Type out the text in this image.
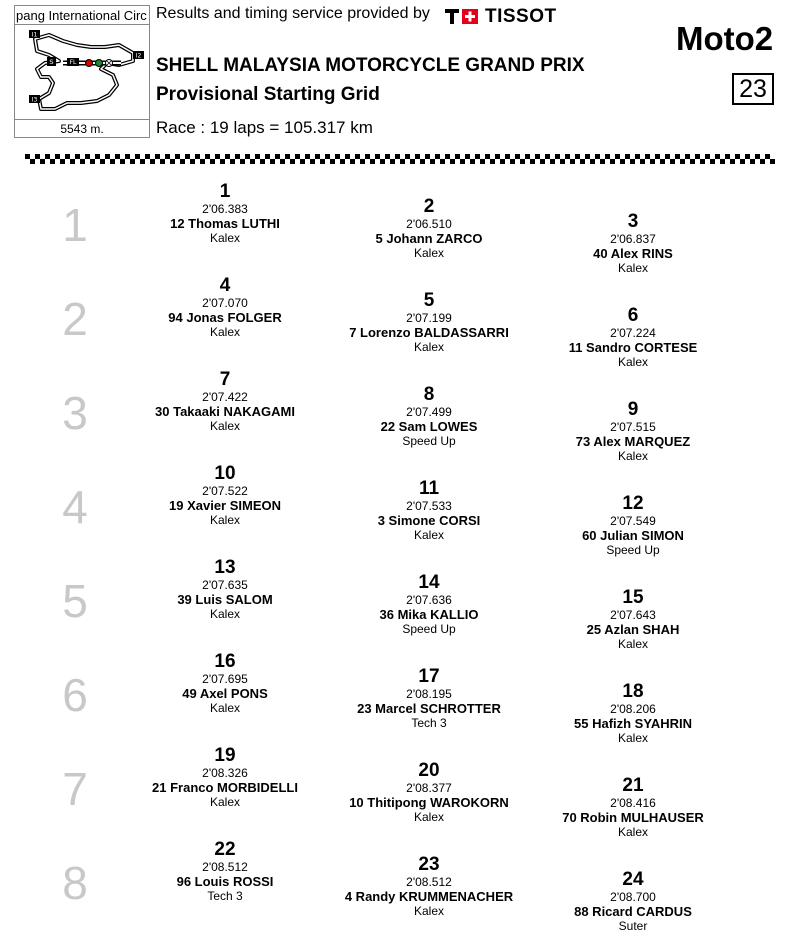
pang International Circ
I1
I2
I3
S	FL
5543 m.
Results and timing service provided by	TISSOT
SHELL MALAYSIA MOTORCYCLE GRAND PRIX
Provisional Starting Grid
Race : 19 laps = 105.317 km
Moto2
23
1
2
3
4
5
6
7
8
1
2'06.383
12 Thomas LUTHI
Kalex
2
2'06.510
5 Johann ZARCO
Kalex
3
2'06.837
40 Alex RINS
Kalex
4
2'07.070
94 Jonas FOLGER
Kalex
5
2'07.199
7 Lorenzo BALDASSARRI
Kalex
6
2'07.224
11 Sandro CORTESE
Kalex
7
2'07.422
30 Takaaki NAKAGAMI
Kalex
8
2'07.499
22 Sam LOWES
Speed Up
9
2'07.515
73 Alex MARQUEZ
Kalex
10
2'07.522
19 Xavier SIMEON
Kalex
11
2'07.533
3 Simone CORSI
Kalex
12
2'07.549
60 Julian SIMON
Speed Up
13
2'07.635
39 Luis SALOM
Kalex
14
2'07.636
36 Mika KALLIO
Speed Up
15
2'07.643
25 Azlan SHAH
Kalex
16
2'07.695
49 Axel PONS
Kalex
17
2'08.195
23 Marcel SCHROTTER
Tech 3
18
2'08.206
55 Hafizh SYAHRIN
Kalex
19
2'08.326
21 Franco MORBIDELLI
Kalex
20
2'08.377
10 Thitipong WAROKORN
Kalex
21
2'08.416
70 Robin MULHAUSER
Kalex
22
2'08.512
96 Louis ROSSI
Tech 3
23
2'08.512
4 Randy KRUMMENACHER
Kalex
24
2'08.700
88 Ricard CARDUS
Suter
